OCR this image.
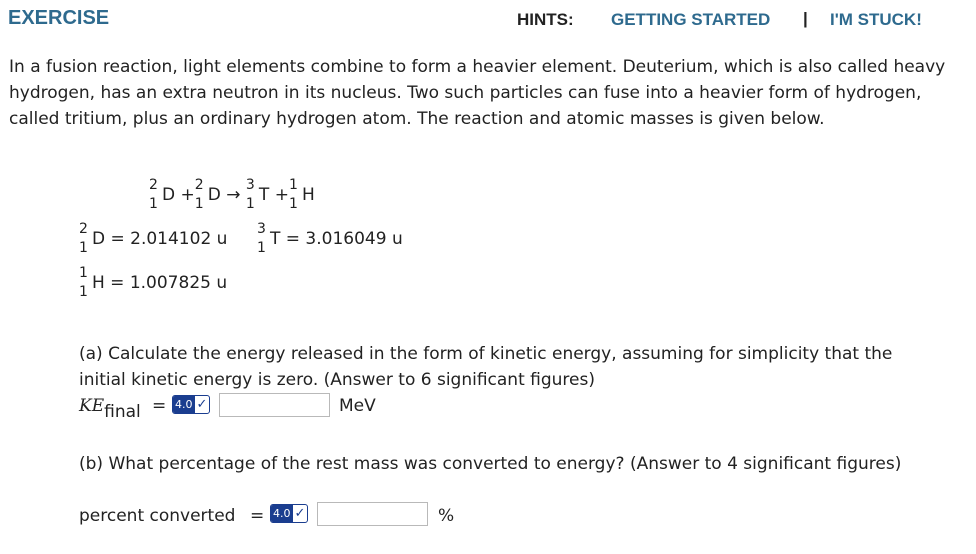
EXERCISE	HINTS: GETTING STARTED | I'M STUCK!

In a fusion reaction, light elements combine to form a heavier element. Deuterium, which is also called heavy hydrogen, has an extra neutron in its nucleus. Two such particles can fuse into a heavier form of hydrogen, called tritium, plus an ordinary hydrogen atom. The reaction and atomic masses is given below.

2
1 D + 2
1 D → 3
1 T + 1
1 H
2
1 D = 2.014102 u 3
1 T = 3.016049 u
1
1 H = 1.007825 u

(a) Calculate the energy released in the form of kinetic energy, assuming for simplicity that the initial kinetic energy is zero. (Answer to 6 significant figures)

KEfinal = 4.0 ✓	MeV

(b) What percentage of the rest mass was converted to energy? (Answer to 4 significant figures)

percent converted = 4.0 ✓	%
